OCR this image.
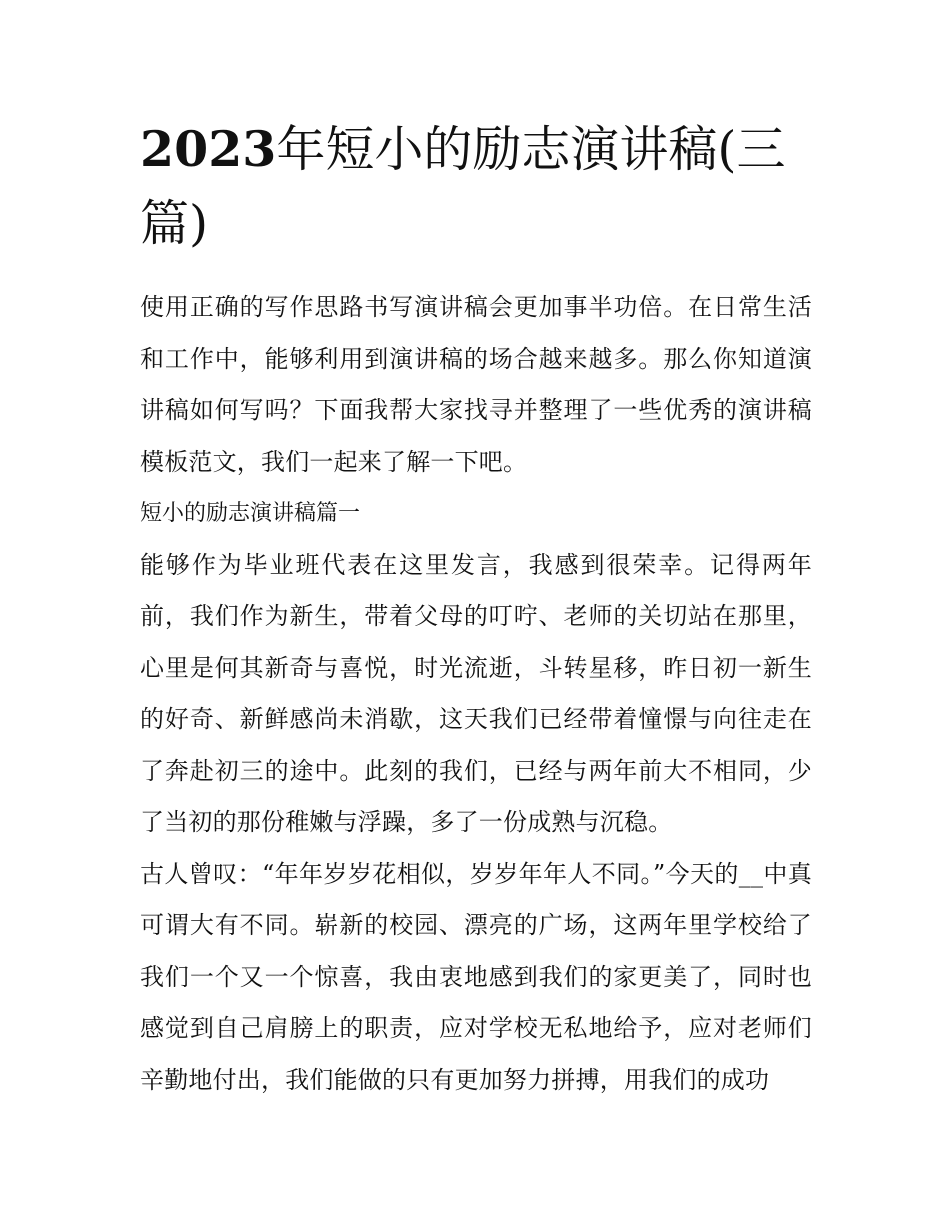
2023年短小的励志演讲稿(三篇)

使用正确的写作思路书写演讲稿会更加事半功倍。在日常生活和工作中，能够利用到演讲稿的场合越来越多。那么你知道演讲稿如何写吗？下面我帮大家找寻并整理了一些优秀的演讲稿模板范文，我们一起来了解一下吧。

短小的励志演讲稿篇一

能够作为毕业班代表在这里发言，我感到很荣幸。记得两年前，我们作为新生，带着父母的叮咛、老师的关切站在那里，心里是何其新奇与喜悦，时光流逝，斗转星移，昨日初一新生的好奇、新鲜感尚未消歇，这天我们已经带着憧憬与向往走在了奔赴初三的途中。此刻的我们，已经与两年前大不相同，少了当初的那份稚嫩与浮躁，多了一份成熟与沉稳。

古人曾叹：“年年岁岁花相似，岁岁年年人不同。”今天的__中真可谓大有不同。崭新的校园、漂亮的广场，这两年里学校给了我们一个又一个惊喜，我由衷地感到我们的家更美了，同时也感觉到自己肩膀上的职责，应对学校无私地给予，应对老师们辛勤地付出，我们能做的只有更加努力拼搏，用我们的成功
